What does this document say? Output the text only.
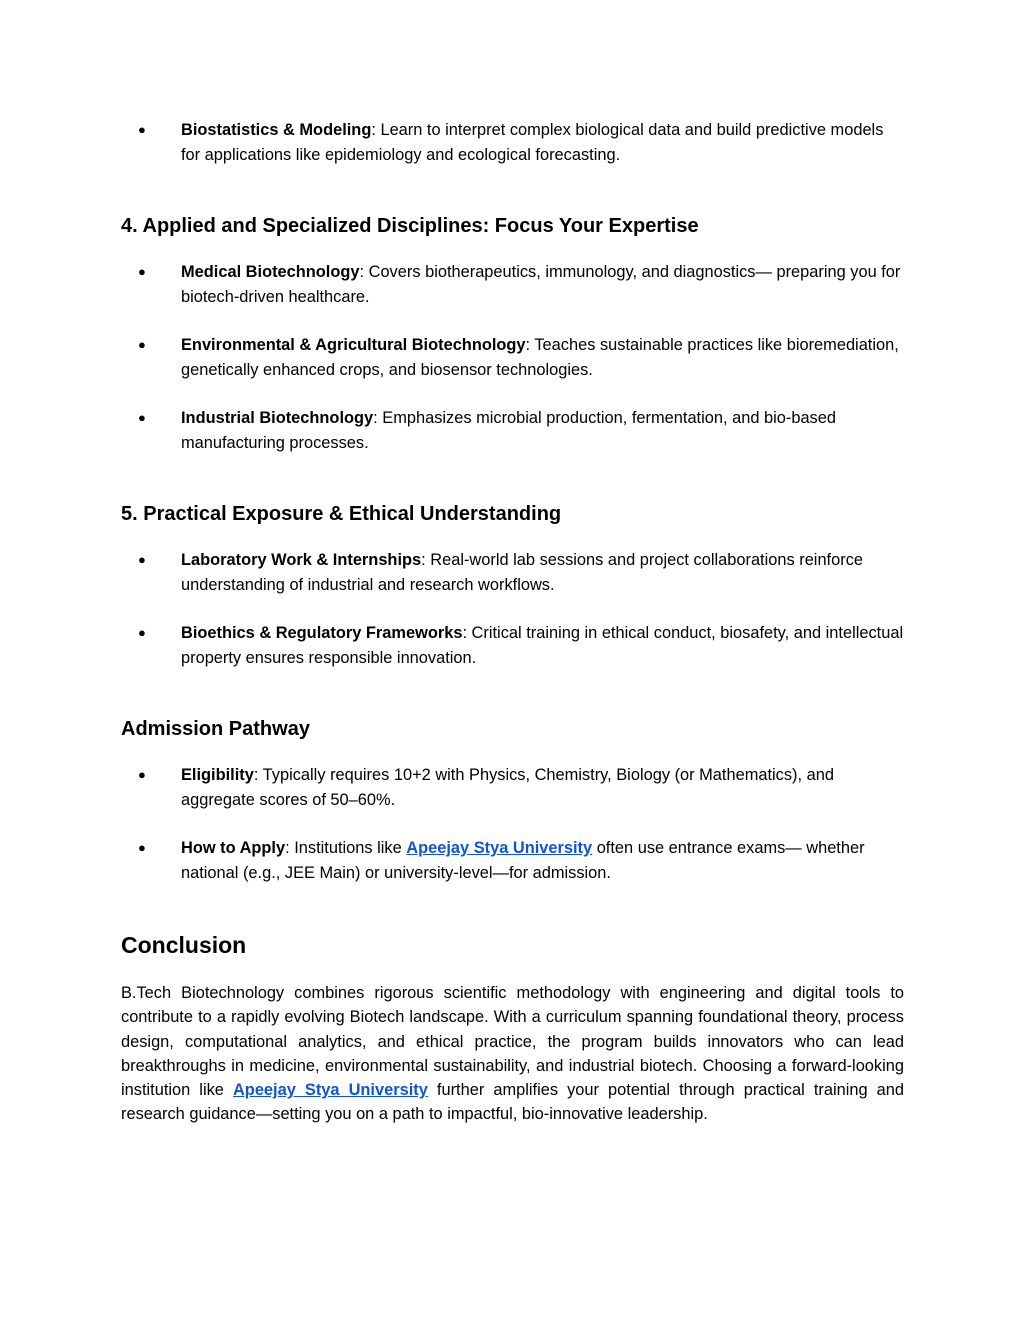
● Biostatistics & Modeling: Learn to interpret complex biological data and build predictive models for applications like epidemiology and ecological forecasting.
4. Applied and Specialized Disciplines: Focus Your Expertise
● Medical Biotechnology: Covers biotherapeutics, immunology, and diagnostics— preparing you for biotech-driven healthcare.
● Environmental & Agricultural Biotechnology: Teaches sustainable practices like bioremediation, genetically enhanced crops, and biosensor technologies.
● Industrial Biotechnology: Emphasizes microbial production, fermentation, and bio-based manufacturing processes.
5. Practical Exposure & Ethical Understanding
● Laboratory Work & Internships: Real-world lab sessions and project collaborations reinforce understanding of industrial and research workflows.
● Bioethics & Regulatory Frameworks: Critical training in ethical conduct, biosafety, and intellectual property ensures responsible innovation.
Admission Pathway
● Eligibility: Typically requires 10+2 with Physics, Chemistry, Biology (or Mathematics), and aggregate scores of 50–60%.
● How to Apply: Institutions like Apeejay Stya University often use entrance exams— whether national (e.g., JEE Main) or university-level—for admission.
Conclusion

B.Tech Biotechnology combines rigorous scientific methodology with engineering and digital tools to contribute to a rapidly evolving Biotech landscape. With a curriculum spanning foundational theory, process design, computational analytics, and ethical practice, the program builds innovators who can lead breakthroughs in medicine, environmental sustainability, and industrial biotech. Choosing a forward-looking institution like Apeejay Stya University further amplifies your potential through practical training and research guidance—setting you on a path to impactful, bio-innovative leadership.
